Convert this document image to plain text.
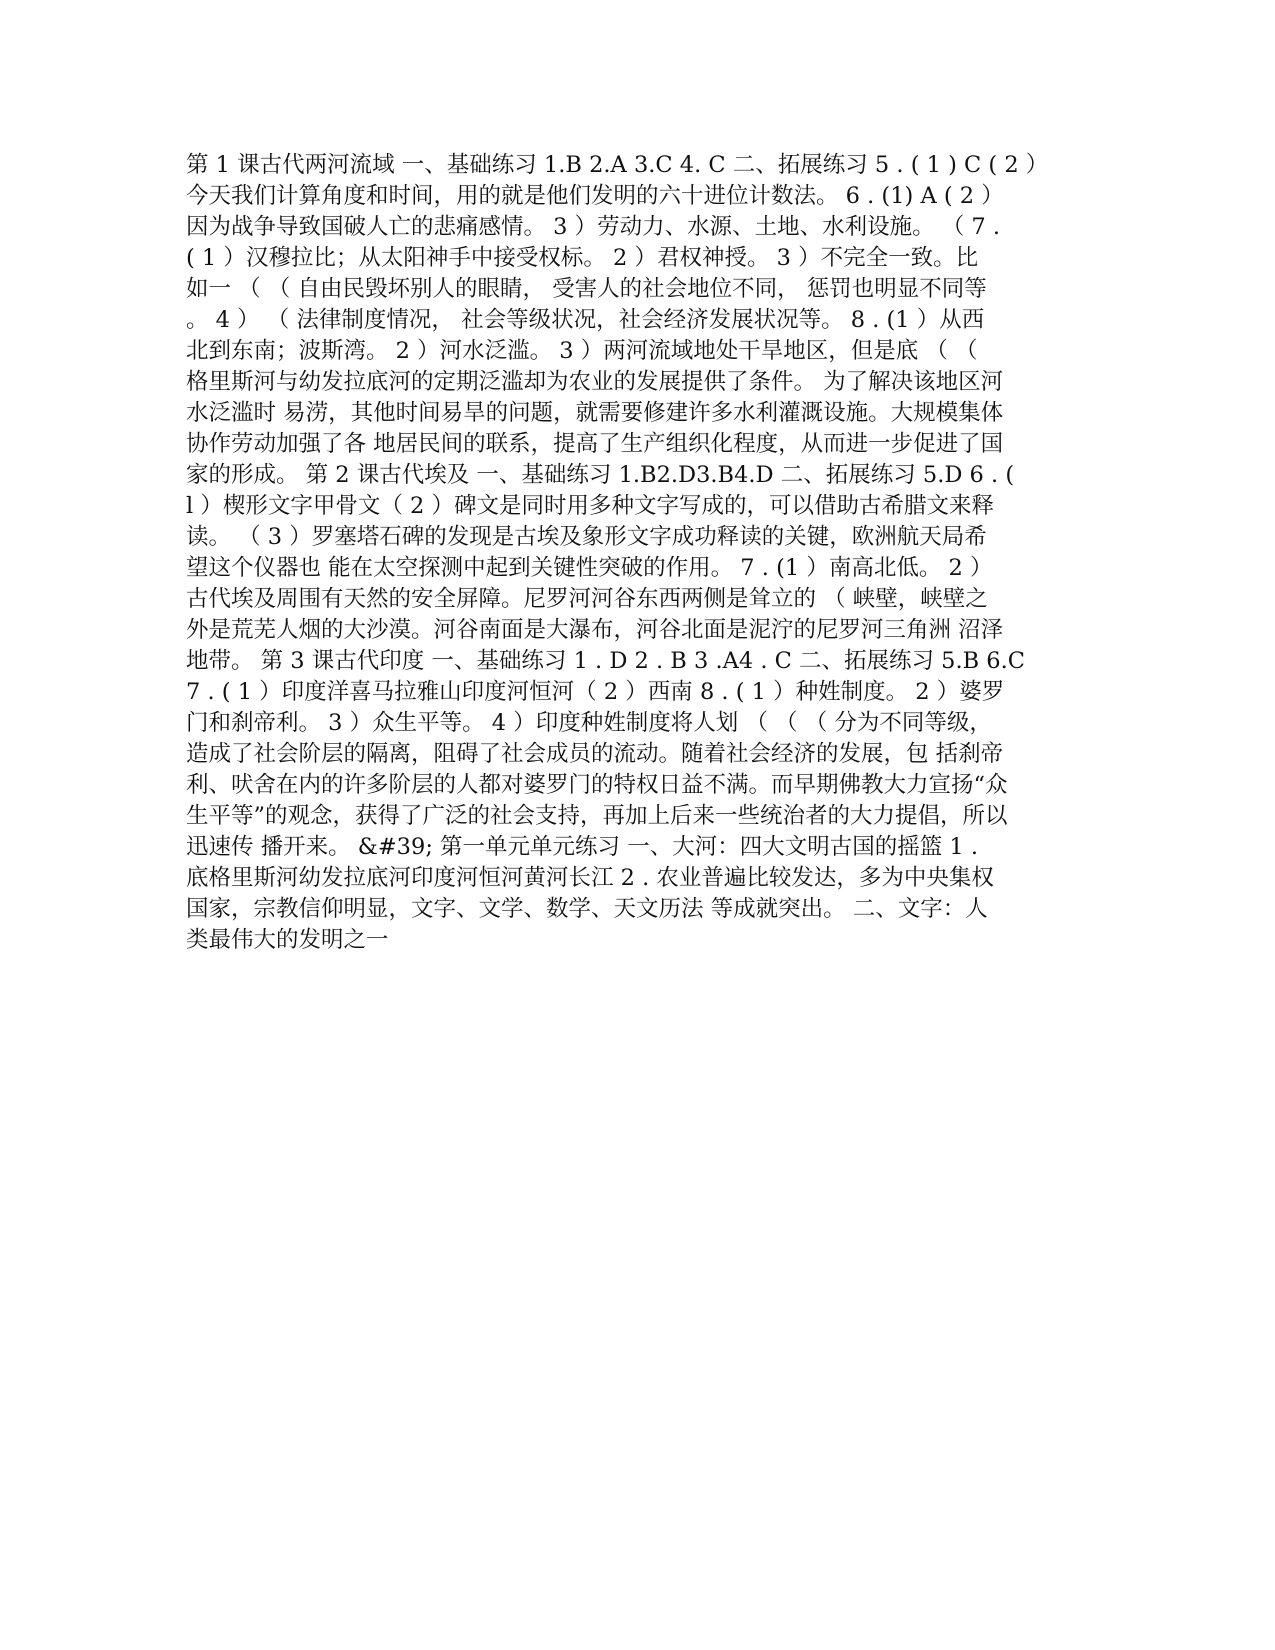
第 1 课古代两河流域 一、基础练习 1.B 2.A 3.C 4. C 二、拓展练习 5 . ( 1 ) C ( 2 ）
今天我们计算角度和时间，用的就是他们发明的六十进位计数法。 6 . (1) A ( 2 ）
因为战争导致国破人亡的悲痛感情。 3 ）劳动力、水源、土地、水利设施。 （ 7 .
( 1 ）汉穆拉比；从太阳神手中接受权标。 2 ）君权神授。 3 ）不完全一致。比
如一 （ （ 自由民毁坏别人的眼睛， 受害人的社会地位不同， 惩罚也明显不同等
。 4 ） （ 法律制度情况， 社会等级状况，社会经济发展状况等。 8 . (1 ）从西
北到东南；波斯湾。 2 ）河水泛滥。 3 ）两河流域地处干旱地区，但是底 （ （
格里斯河与幼发拉底河的定期泛滥却为农业的发展提供了条件。 为了解决该地区河
水泛滥时 易涝，其他时间易旱的问题，就需要修建许多水利灌溉设施。大规模集体
协作劳动加强了各 地居民间的联系，提高了生产组织化程度，从而进一步促进了国
家的形成。 第 2 课古代埃及 一、基础练习 1.B2.D3.B4.D 二、拓展练习 5.D 6 . (
l ）楔形文字甲骨文（ 2 ）碑文是同时用多种文字写成的，可以借助古希腊文来释
读。 （ 3 ）罗塞塔石碑的发现是古埃及象形文字成功释读的关键，欧洲航天局希
望这个仪器也 能在太空探测中起到关键性突破的作用。 7 . (1 ）南高北低。 2 ）
古代埃及周围有天然的安全屏障。尼罗河河谷东西两侧是耸立的 （ 峡壁，峡壁之
外是荒芜人烟的大沙漠。河谷南面是大瀑布，河谷北面是泥泞的尼罗河三角洲 沼泽
地带。 第 3 课古代印度 一、基础练习 1 . D 2 . B 3 .A4 . C 二、拓展练习 5.B 6.C
7 . ( 1 ）印度洋喜马拉雅山印度河恒河（ 2 ）西南 8 . ( 1 ）种姓制度。 2 ）婆罗
门和刹帝利。 3 ）众生平等。 4 ）印度种姓制度将人划 （ （ （ 分为不同等级，
造成了社会阶层的隔离，阻碍了社会成员的流动。随着社会经济的发展，包 括刹帝
利、吠舍在内的许多阶层的人都对婆罗门的特权日益不满。而早期佛教大力宣扬“众
生平等”的观念，获得了广泛的社会支持，再加上后来一些统治者的大力提倡，所以
迅速传 播开来。 &#39; 第一单元单元练习 一、大河：四大文明古国的摇篮 1 .
底格里斯河幼发拉底河印度河恒河黄河长江 2 . 农业普遍比较发达，多为中央集权
国家，宗教信仰明显，文字、文学、数学、天文历法 等成就突出。 二、文字：人
类最伟大的发明之一
